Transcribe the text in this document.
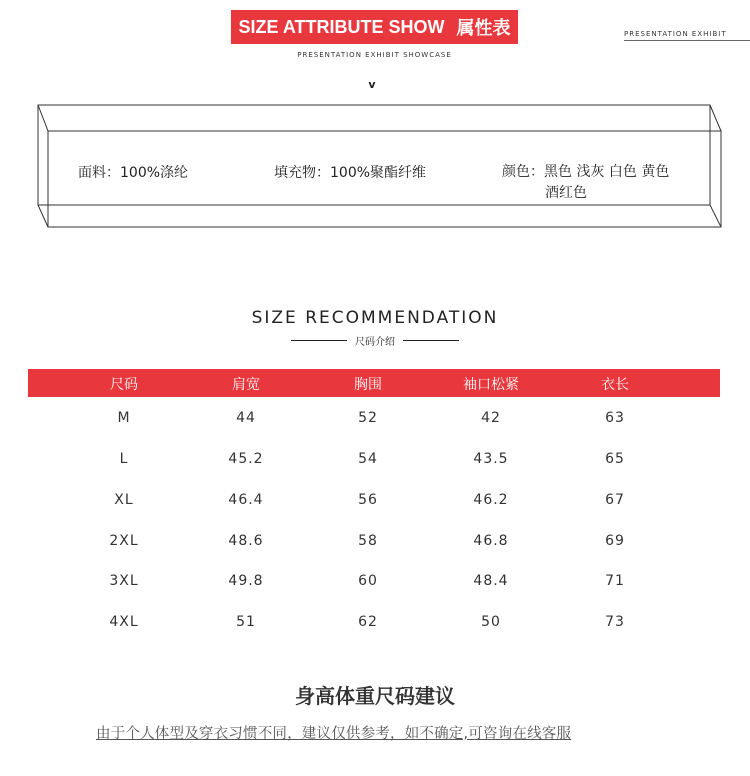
SIZE ATTRIBUTE SHOW 属性表
PRESENTATION EXHIBIT SHOWCASE
PRESENTATION EXHIBIT
v
面料：100%涤纶	填充物：100%聚酯纤维	颜色：黑色 浅灰 白色 黄色
酒红色
SIZE RECOMMENDATION
尺码介绍
尺码	肩宽	胸围	袖口松紧	衣长
M	44	52	42	63
L	45.2	54	43.5	65
XL	46.4	56	46.2	67
2XL	48.6	58	46.8	69
3XL	49.8	60	48.4	71
4XL	51	62	50	73
身高体重尺码建议
由于个人体型及穿衣习惯不同，建议仅供参考，如不确定,可咨询在线客服
